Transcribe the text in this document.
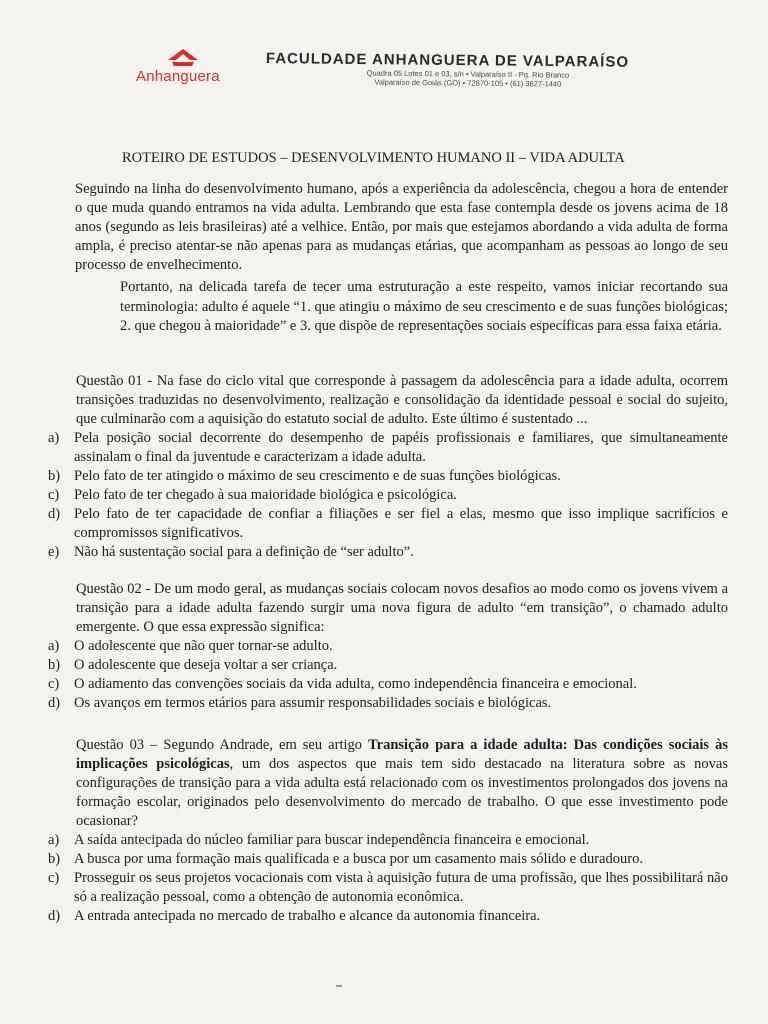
Anhanguera
FACULDADE ANHANGUERA DE VALPARAÍSO
Quadra 05 Lotes 01 e 03, s/n • Valparaíso II - Pq. Rio Branco
Valparaíso de Goiás (GO) • 72870-105 • (61) 3627-1440
ROTEIRO DE ESTUDOS – DESENVOLVIMENTO HUMANO II – VIDA ADULTA
Seguindo na linha do desenvolvimento humano, após a experiência da adolescência, chegou a hora de entender o que muda quando entramos na vida adulta. Lembrando que esta fase contempla desde os jovens acima de 18 anos (segundo as leis brasileiras) até a velhice. Então, por mais que estejamos abordando a vida adulta de forma ampla, é preciso atentar-se não apenas para as mudanças etárias, que acompanham as pessoas ao longo de seu processo de envelhecimento.
Portanto, na delicada tarefa de tecer uma estruturação a este respeito, vamos iniciar recortando sua terminologia: adulto é aquele “1. que atingiu o máximo de seu crescimento e de suas funções biológicas; 2. que chegou à maioridade” e 3. que dispõe de representações sociais específicas para essa faixa etária.
Questão 01 - Na fase do ciclo vital que corresponde à passagem da adolescência para a idade adulta, ocorrem transições traduzidas no desenvolvimento, realização e consolidação da identidade pessoal e social do sujeito, que culminarão com a aquisição do estatuto social de adulto. Este último é sustentado ...
a) Pela posição social decorrente do desempenho de papéis profissionais e familiares, que simultaneamente assinalam o final da juventude e caracterizam a idade adulta.
b) Pelo fato de ter atingido o máximo de seu crescimento e de suas funções biológicas.
c) Pelo fato de ter chegado à sua maioridade biológica e psicológica.
d) Pelo fato de ter capacidade de confiar a filiações e ser fiel a elas, mesmo que isso implique sacrifícios e compromissos significativos.
e) Não há sustentação social para a definição de “ser adulto”.
Questão 02 - De um modo geral, as mudanças sociais colocam novos desafios ao modo como os jovens vivem a transição para a idade adulta fazendo surgir uma nova figura de adulto “em transição”, o chamado adulto emergente. O que essa expressão significa:
a) O adolescente que não quer tornar-se adulto.
b) O adolescente que deseja voltar a ser criança.
c) O adiamento das convenções sociais da vida adulta, como independência financeira e emocional.
d) Os avanços em termos etários para assumir responsabilidades sociais e biológicas.
Questão 03 – Segundo Andrade, em seu artigo Transição para a idade adulta: Das condições sociais às implicações psicológicas, um dos aspectos que mais tem sido destacado na literatura sobre as novas configurações de transição para a vida adulta está relacionado com os investimentos prolongados dos jovens na formação escolar, originados pelo desenvolvimento do mercado de trabalho. O que esse investimento pode ocasionar?
a) A saída antecipada do núcleo familiar para buscar independência financeira e emocional.
b) A busca por uma formação mais qualificada e a busca por um casamento mais sólido e duradouro.
c) Prosseguir os seus projetos vocacionais com vista à aquisição futura de uma profissão, que lhes possibilitará não só a realização pessoal, como a obtenção de autonomia econômica.
d) A entrada antecipada no mercado de trabalho e alcance da autonomia financeira.
